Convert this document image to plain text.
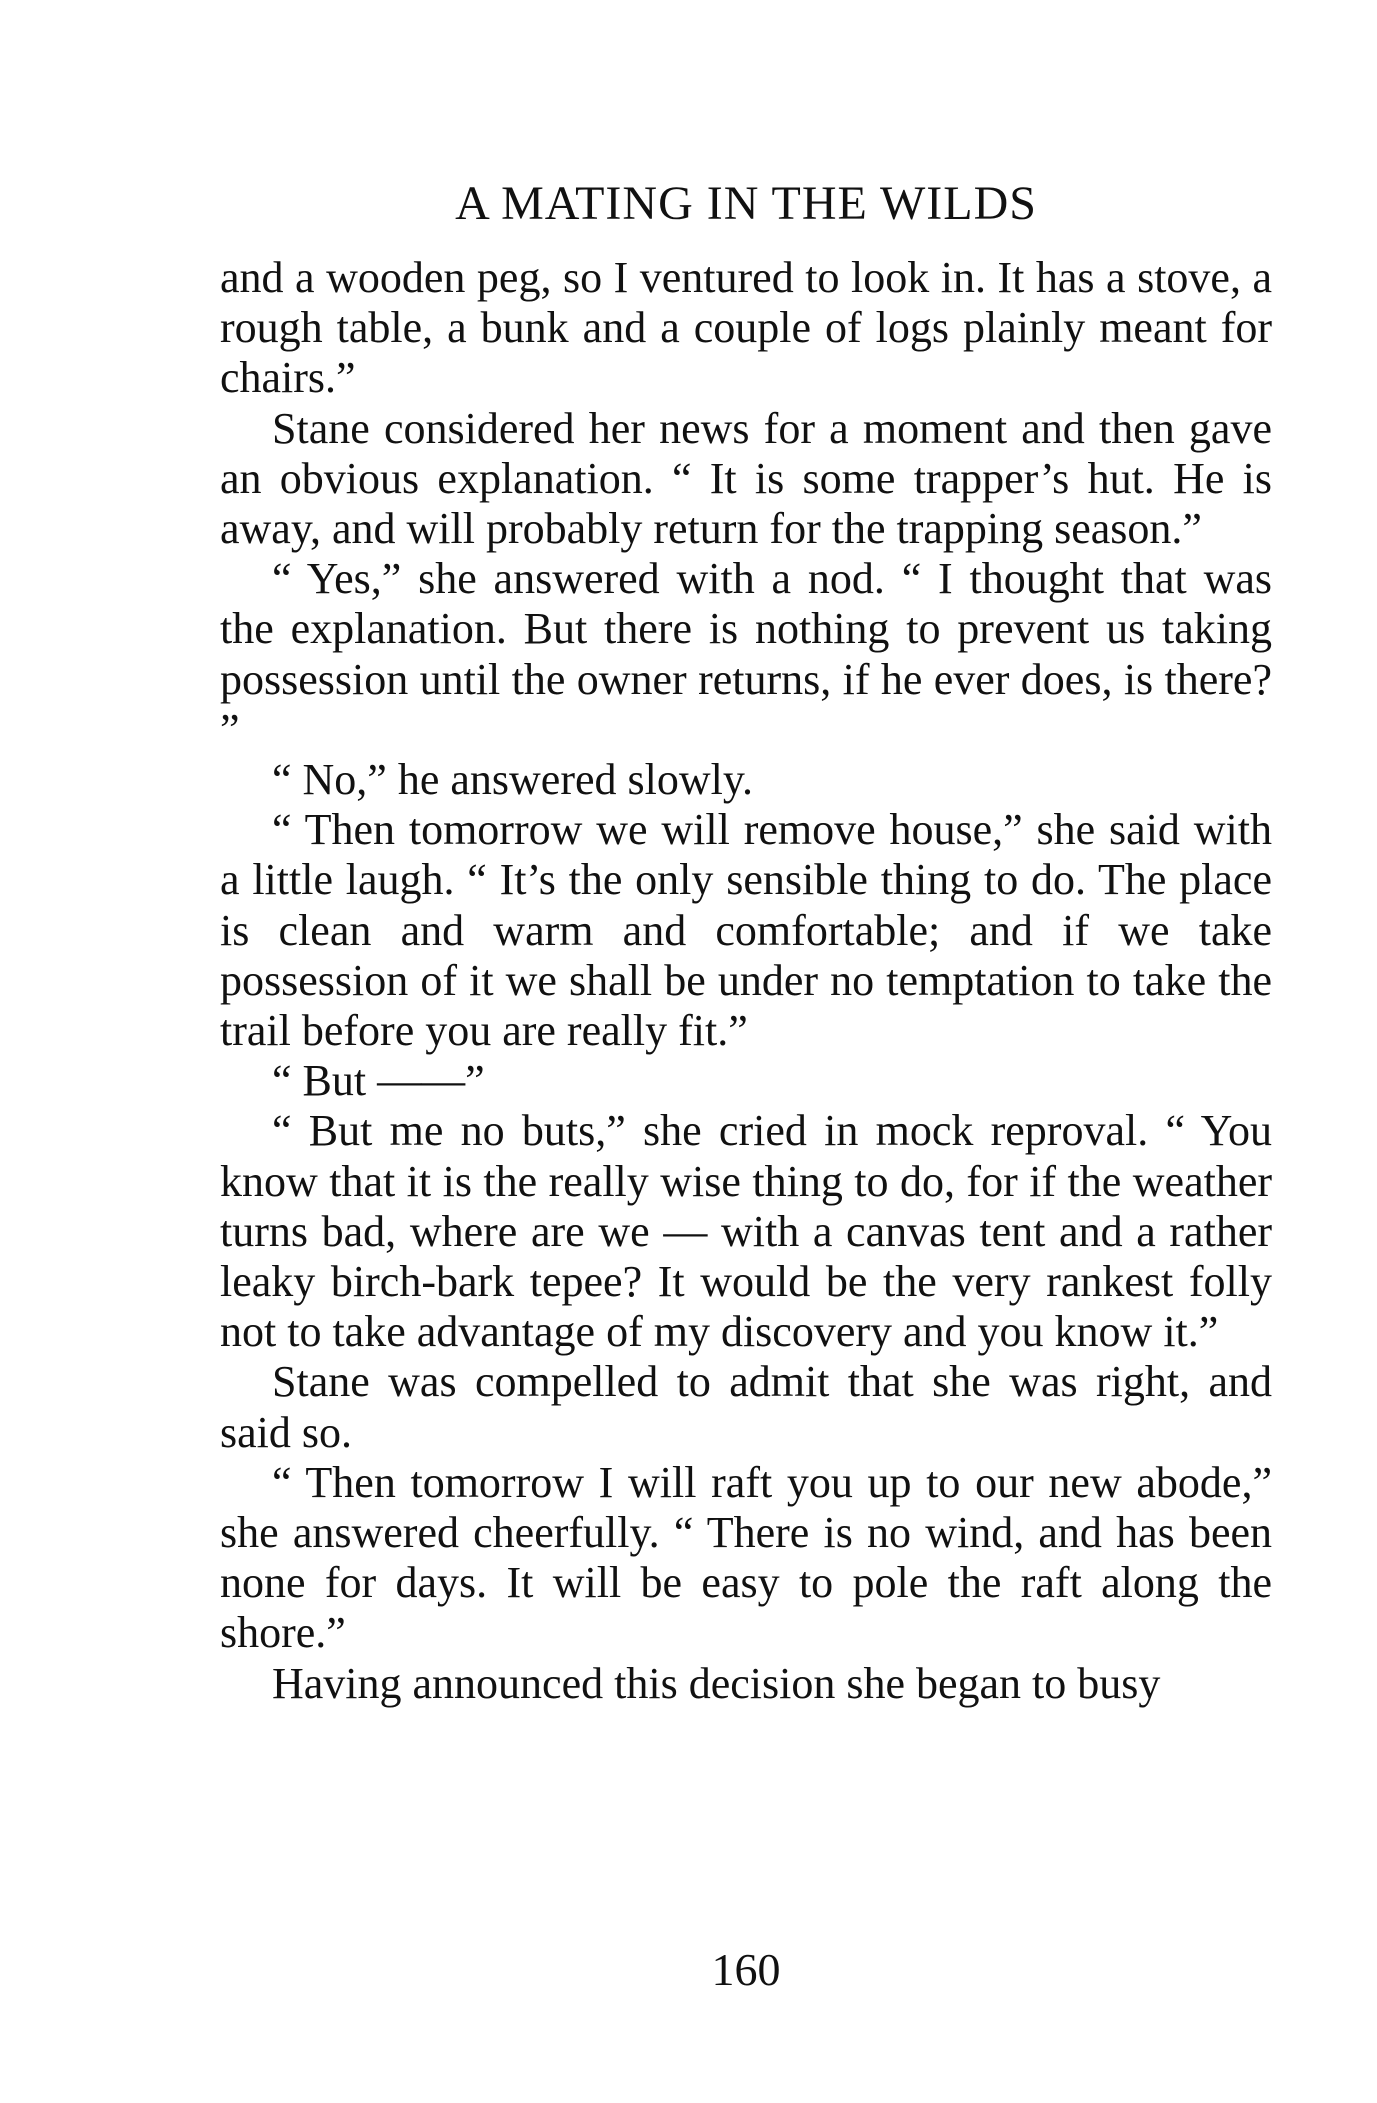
A MATING IN THE WILDS

and a wooden peg, so I ventured to look in. It has a stove, a rough table, a bunk and a couple of logs plainly meant for chairs.”

Stane considered her news for a moment and then gave an obvious explanation. “ It is some trapper’s hut. He is away, and will probably return for the trapping season.”

“ Yes,” she answered with a nod. “ I thought that was the explanation. But there is nothing to prevent us taking possession until the owner returns, if he ever does, is there? ”

“ No,” he answered slowly.

“ Then tomorrow we will remove house,” she said with a little laugh. “ It’s the only sensible thing to do. The place is clean and warm and comfortable; and if we take possession of it we shall be under no temptation to take the trail before you are really fit.”

“ But ——”

“ But me no buts,” she cried in mock reproval. “ You know that it is the really wise thing to do, for if the weather turns bad, where are we — with a canvas tent and a rather leaky birch-bark tepee? It would be the very rankest folly not to take advantage of my discovery and you know it.”

Stane was compelled to admit that she was right, and said so.

“ Then tomorrow I will raft you up to our new abode,” she answered cheerfully. “ There is no wind, and has been none for days. It will be easy to pole the raft along the shore.”

Having announced this decision she began to busy

160
